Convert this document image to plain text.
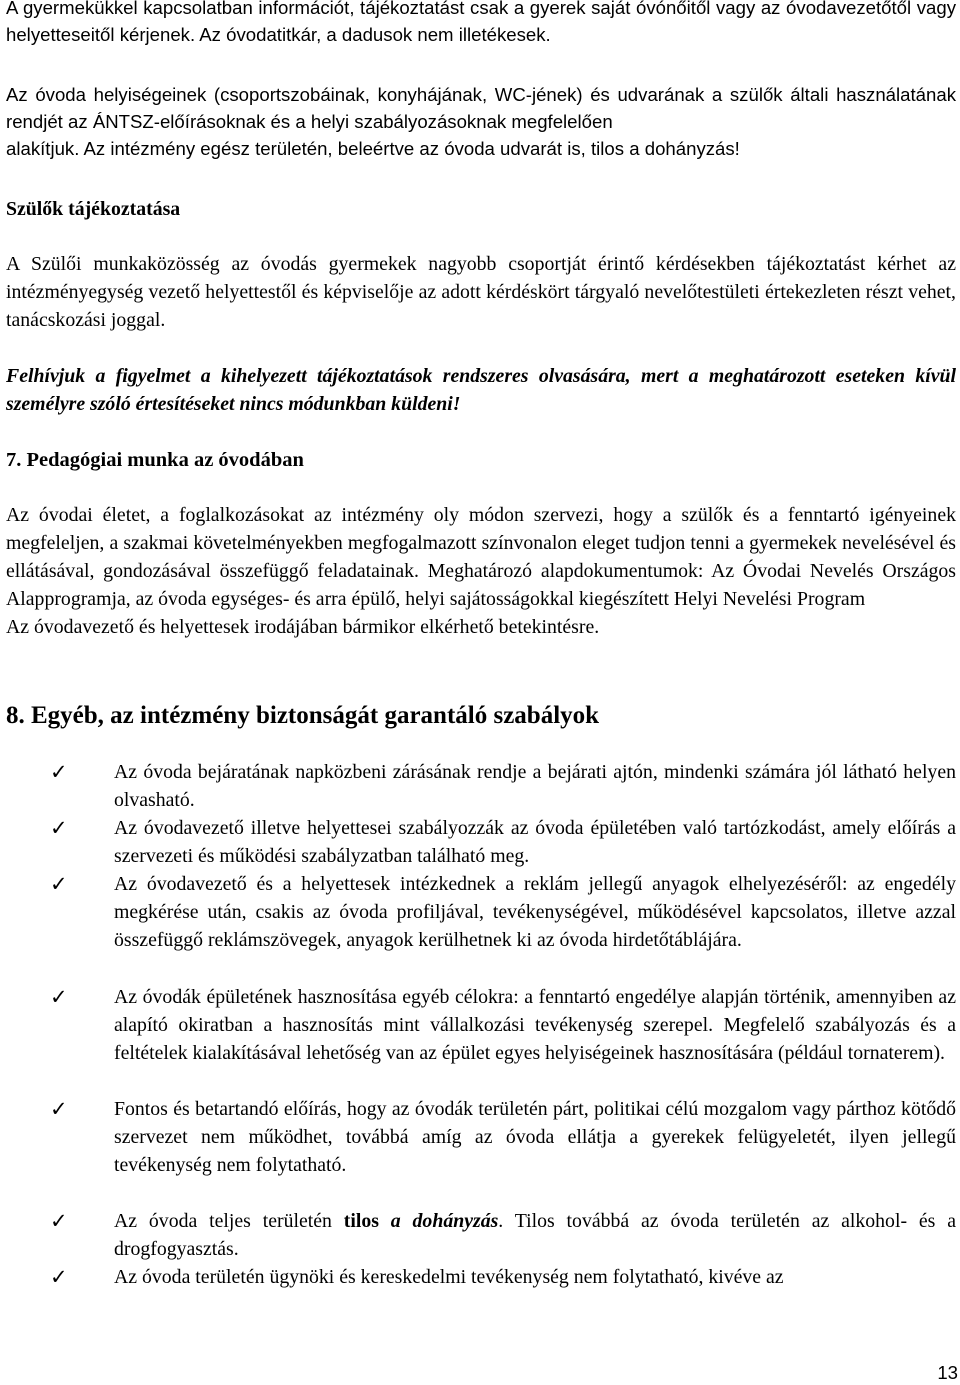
A gyermekükkel kapcsolatban információt, tájékoztatást csak a gyerek saját óvónőitől vagy az óvodavezetőtől vagy helyetteseitől kérjenek. Az óvodatitkár, a dadusok nem illetékesek.

Az óvoda helyiségeinek (csoportszobáinak, konyhájának, WC-jének) és udvarának a szülők általi használatának rendjét az ÁNTSZ-előírásoknak és a helyi szabályozásoknak megfelelően

alakítjuk. Az intézmény egész területén, beleértve az óvoda udvarát is, tilos a dohányzás!

Szülők tájékoztatása

A Szülői munkaközösség az óvodás gyermekek nagyobb csoportját érintő kérdésekben tájékoztatást kérhet az intézményegység vezető helyettestől és képviselője az adott kérdéskört tárgyaló nevelőtestületi értekezleten részt vehet, tanácskozási joggal.

Felhívjuk a figyelmet a kihelyezett tájékoztatások rendszeres olvasására, mert a meghatározott eseteken kívül személyre szóló értesítéseket nincs módunkban küldeni!

7. Pedagógiai munka az óvodában

Az óvodai életet, a foglalkozásokat az intézmény oly módon szervezi, hogy a szülők és a fenntartó igényeinek megfeleljen, a szakmai követelményekben megfogalmazott színvonalon eleget tudjon tenni a gyermekek nevelésével és ellátásával, gondozásával összefüggő feladatainak. Meghatározó alapdokumentumok: Az Óvodai Nevelés Országos Alapprogramja, az óvoda egységes- és arra épülő, helyi sajátosságokkal kiegészített Helyi Nevelési Program

Az óvodavezető és helyettesek irodájában bármikor elkérhető betekintésre.

8. Egyéb, az intézmény biztonságát garantáló szabályok
✓ Az óvoda bejáratának napközbeni zárásának rendje a bejárati ajtón, mindenki számára jól látható helyen olvasható.
✓ Az óvodavezető illetve helyettesei szabályozzák az óvoda épületében való tartózkodást, amely előírás a szervezeti és működési szabályzatban található meg.
✓ Az óvodavezető és a helyettesek intézkednek a reklám jellegű anyagok elhelyezéséről: az engedély megkérése után, csakis az óvoda profiljával, tevékenységével, működésével kapcsolatos, illetve azzal összefüggő reklámszövegek, anyagok kerülhetnek ki az óvoda hirdetőtáblájára.
✓ Az óvodák épületének hasznosítása egyéb célokra: a fenntartó engedélye alapján történik, amennyiben az alapító okiratban a hasznosítás mint vállalkozási tevékenység szerepel. Megfelelő szabályozás és a feltételek kialakításával lehetőség van az épület egyes helyiségeinek hasznosítására (például tornaterem).
✓ Fontos és betartandó előírás, hogy az óvodák területén párt, politikai célú mozgalom vagy párthoz kötődő szervezet nem működhet, továbbá amíg az óvoda ellátja a gyerekek felügyeletét, ilyen jellegű tevékenység nem folytatható.
✓ Az óvoda teljes területén tilos a dohányzás. Tilos továbbá az óvoda területén az alkohol- és a drogfogyasztás.
✓ Az óvoda területén ügynöki és kereskedelmi tevékenység nem folytatható, kivéve az
13
